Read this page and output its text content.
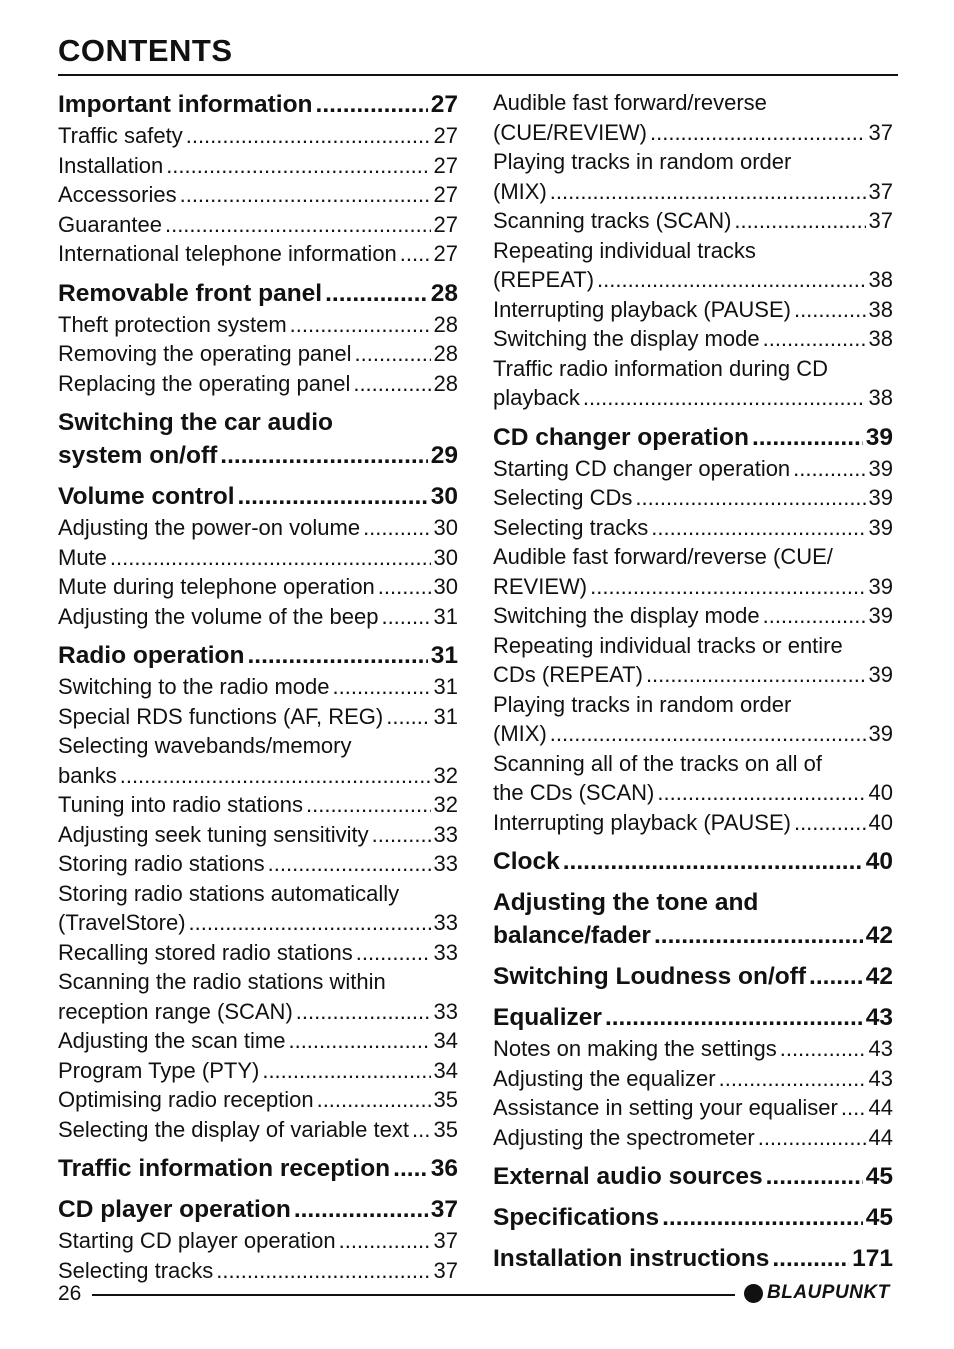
CONTENTS
Important information .....	27
Traffic safety .....	27
Installation .....	27
Accessories .....	27
Guarantee .....	27
International telephone information ..... 27
Removable front panel .....	28
Theft protection system .....	28
Removing the operating panel .....	28
Replacing the operating panel .....	28
Switching the car audio
system on/off .....	29
Volume control .....	30
Adjusting the power-on volume .....	30
Mute .....	30
Mute during telephone operation .....	30
Adjusting the volume of the beep .....	31
Radio operation .....	31
Switching to the radio mode .....	31
Special RDS functions (AF, REG) ..... 31
Selecting wavebands/memory
banks .....	32
Tuning into radio stations .....	32
Adjusting seek tuning sensitivity .....	33
Storing radio stations .....	33
Storing radio stations automatically
(TravelStore) .....	33
Recalling stored radio stations .....	33
Scanning the radio stations within
reception range (SCAN) .....	33
Adjusting the scan time .....	34
Program Type (PTY) .....	34
Optimising radio reception .....	35
Selecting the display of variable text ..... 35
Traffic information reception ..... 36
CD player operation .....	37
Starting CD player operation .....	37
Selecting tracks .....	37
Audible fast forward/reverse
(CUE/REVIEW) .....	37
Playing tracks in random order
(MIX) .....	37
Scanning tracks (SCAN) .....	37
Repeating individual tracks
(REPEAT) .....	38
Interrupting playback (PAUSE) .....	38
Switching the display mode .....	38
Traffic radio information during CD
playback .....	38
CD changer operation .....	39
Starting CD changer operation .....	39
Selecting CDs .....	39
Selecting tracks .....	39
Audible fast forward/reverse (CUE/
REVIEW) .....	39
Switching the display mode .....	39
Repeating individual tracks or entire
CDs (REPEAT) .....	39
Playing tracks in random order
(MIX) .....	39
Scanning all of the tracks on all of
the CDs (SCAN) .....	40
Interrupting playback (PAUSE) .....	40
Clock .....	40
Adjusting the tone and
balance/fader .....	42
Switching Loudness on/off ..... 42
Equalizer .....	43
Notes on making the settings .....	43
Adjusting the equalizer .....	43
Assistance in setting your equaliser ..... 44
Adjusting the spectrometer .....	44
External audio sources .....	45
Specifications .....	45
Installation instructions .....	171
26	BLAUPUNKT
